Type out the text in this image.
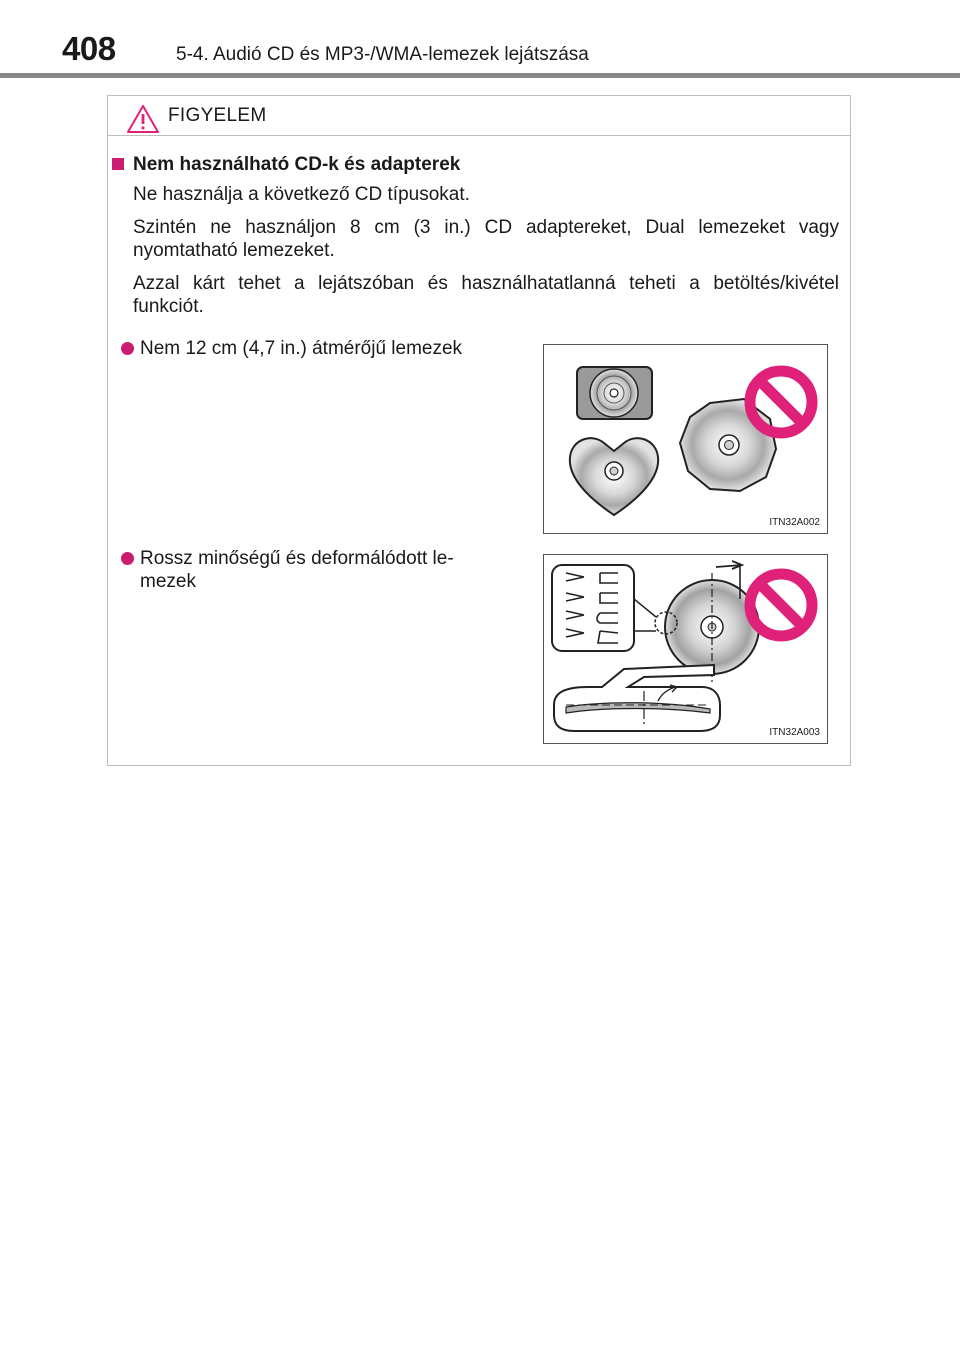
408	5-4. Audió CD és MP3-/WMA-lemezek lejátszása
FIGYELEM
Nem használható CD-k és adapterek
Ne használja a következő CD típusokat.
Szintén ne használjon 8 cm (3 in.) CD adaptereket, Dual lemezeket vagy nyomtatható lemezeket.
Azzal kárt tehet a lejátszóban és használhatatlanná teheti a betöltés/kivétel funkciót.
Nem 12 cm (4,7 in.) átmérőjű lemezek
Rossz minőségű és deformálódott le-
mezek
ITN32A002
ITN32A003
